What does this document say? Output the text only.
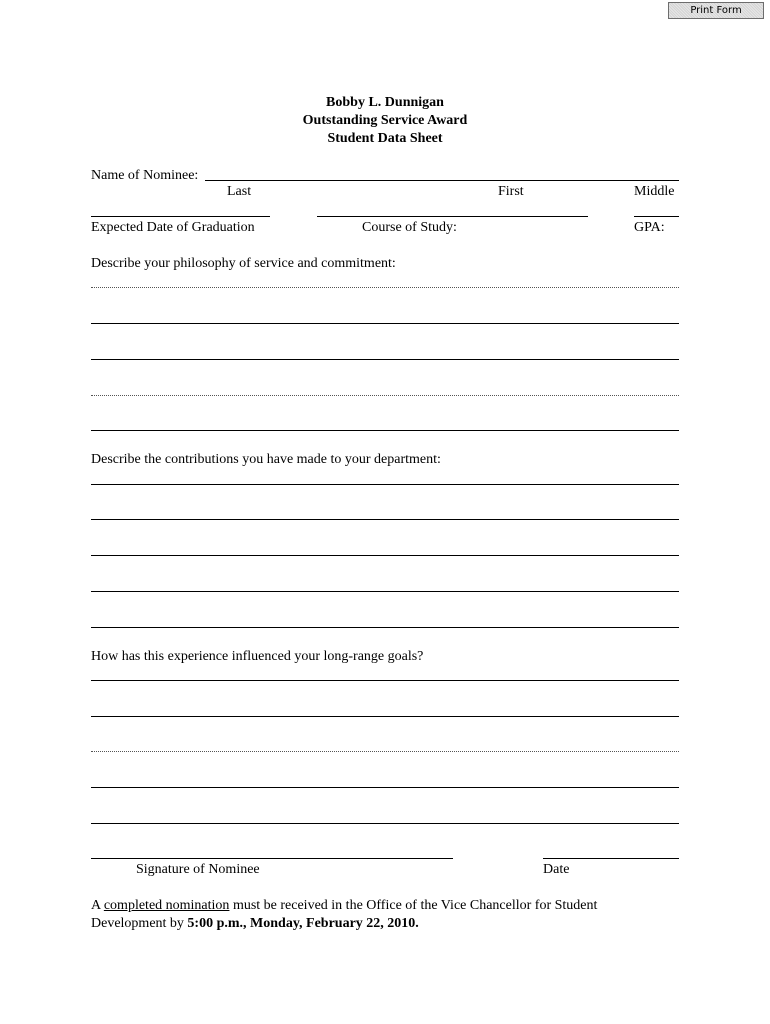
Print Form
Bobby L. Dunnigan
Outstanding Service Award
Student Data Sheet
Name of Nominee:
Last	First	Middle
Expected Date of Graduation	Course of Study:	GPA:
Describe your philosophy of service and commitment:
Describe the contributions you have made to your department:
How has this experience influenced your long-range goals?
Signature of Nominee	Date
A completed nomination must be received in the Office of the Vice Chancellor for Student
Development by 5:00 p.m., Monday, February 22, 2010.
